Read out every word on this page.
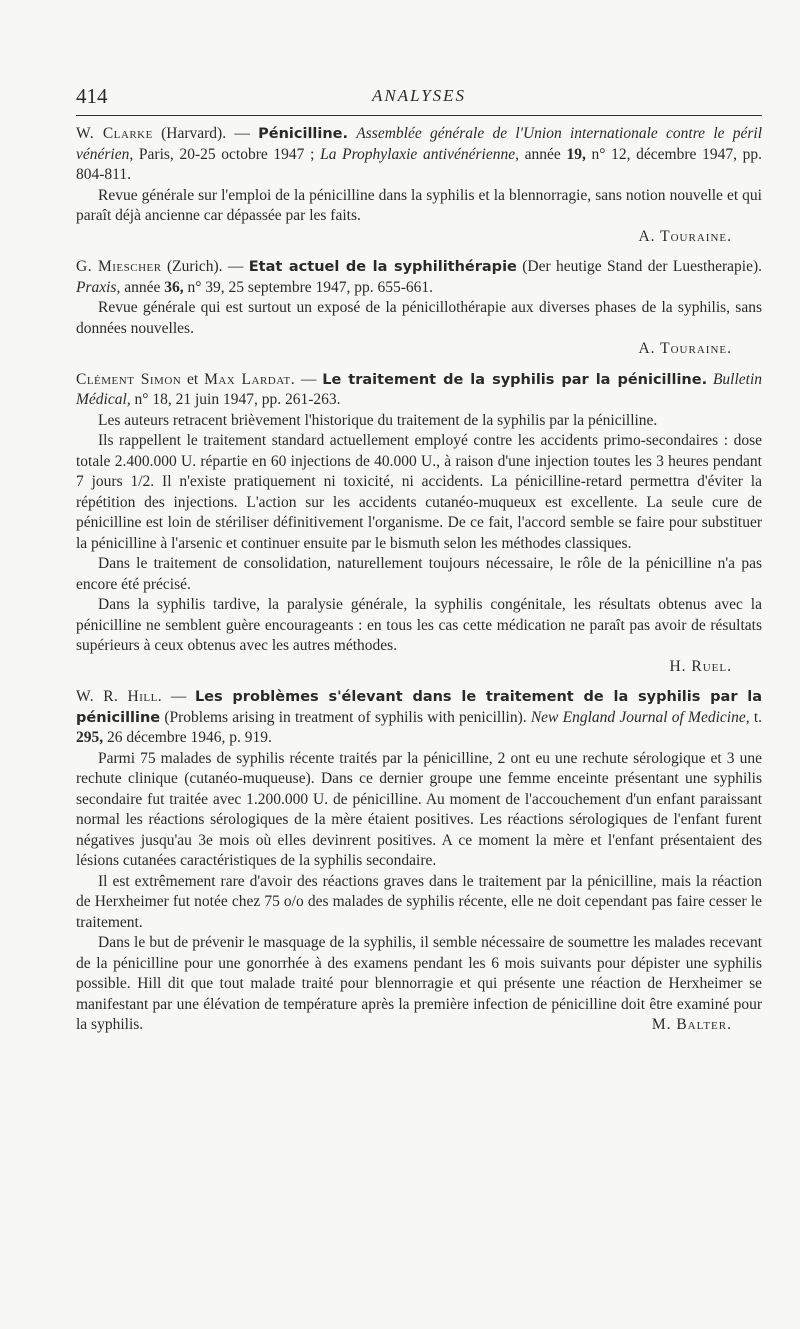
414	ANALYSES

W. Clarke (Harvard). — Pénicilline. Assemblée générale de l'Union internationale contre le péril vénérien, Paris, 20-25 octobre 1947 ; La Prophylaxie antivénérienne, année 19, n° 12, décembre 1947, pp. 804-811.

Revue générale sur l'emploi de la pénicilline dans la syphilis et la blennorragie, sans notion nouvelle et qui paraît déjà ancienne car dépassée par les faits.

A. Touraine.

G. Miescher (Zurich). — Etat actuel de la syphilithérapie (Der heutige Stand der Luestherapie). Praxis, année 36, n° 39, 25 septembre 1947, pp. 655-661.

Revue générale qui est surtout un exposé de la pénicillothérapie aux diverses phases de la syphilis, sans données nouvelles.

A. Touraine.

Clément Simon et Max Lardat. — Le traitement de la syphilis par la pénicilline. Bulletin Médical, n° 18, 21 juin 1947, pp. 261-263.

Les auteurs retracent brièvement l'historique du traitement de la syphilis par la pénicilline.

Ils rappellent le traitement standard actuellement employé contre les accidents primo-secondaires : dose totale 2.400.000 U. répartie en 60 injections de 40.000 U., à raison d'une injection toutes les 3 heures pendant 7 jours 1/2. Il n'existe pratiquement ni toxicité, ni accidents. La pénicilline-retard permettra d'éviter la répétition des injections. L'action sur les accidents cutanéo-muqueux est excellente. La seule cure de pénicilline est loin de stériliser définitivement l'organisme. De ce fait, l'accord semble se faire pour substituer la pénicilline à l'arsenic et continuer ensuite par le bismuth selon les méthodes classiques.

Dans le traitement de consolidation, naturellement toujours nécessaire, le rôle de la pénicilline n'a pas encore été précisé.

Dans la syphilis tardive, la paralysie générale, la syphilis congénitale, les résultats obtenus avec la pénicilline ne semblent guère encourageants : en tous les cas cette médication ne paraît pas avoir de résultats supérieurs à ceux obtenus avec les autres méthodes.

H. Ruel.

W. R. Hill. — Les problèmes s'élevant dans le traitement de la syphilis par la pénicilline (Problems arising in treatment of syphilis with penicillin). New England Journal of Medicine, t. 295, 26 décembre 1946, p. 919.

Parmi 75 malades de syphilis récente traités par la pénicilline, 2 ont eu une rechute sérologique et 3 une rechute clinique (cutanéo-muqueuse). Dans ce dernier groupe une femme enceinte présentant une syphilis secondaire fut traitée avec 1.200.000 U. de pénicilline. Au moment de l'accouchement d'un enfant paraissant normal les réactions sérologiques de la mère étaient positives. Les réactions sérologiques de l'enfant furent négatives jusqu'au 3e mois où elles devinrent positives. A ce moment la mère et l'enfant présentaient des lésions cutanées caractéristiques de la syphilis secondaire.

Il est extrêmement rare d'avoir des réactions graves dans le traitement par la pénicilline, mais la réaction de Herxheimer fut notée chez 75 o/o des malades de syphilis récente, elle ne doit cependant pas faire cesser le traitement.

Dans le but de prévenir le masquage de la syphilis, il semble nécessaire de soumettre les malades recevant de la pénicilline pour une gonorrhée à des examens pendant les 6 mois suivants pour dépister une syphilis possible. Hill dit que tout malade traité pour blennorragie et qui présente une réaction de Herxheimer se manifestant par une élévation de température après la première infection de pénicilline doit être examiné pour la syphilis.	M. Balter.
